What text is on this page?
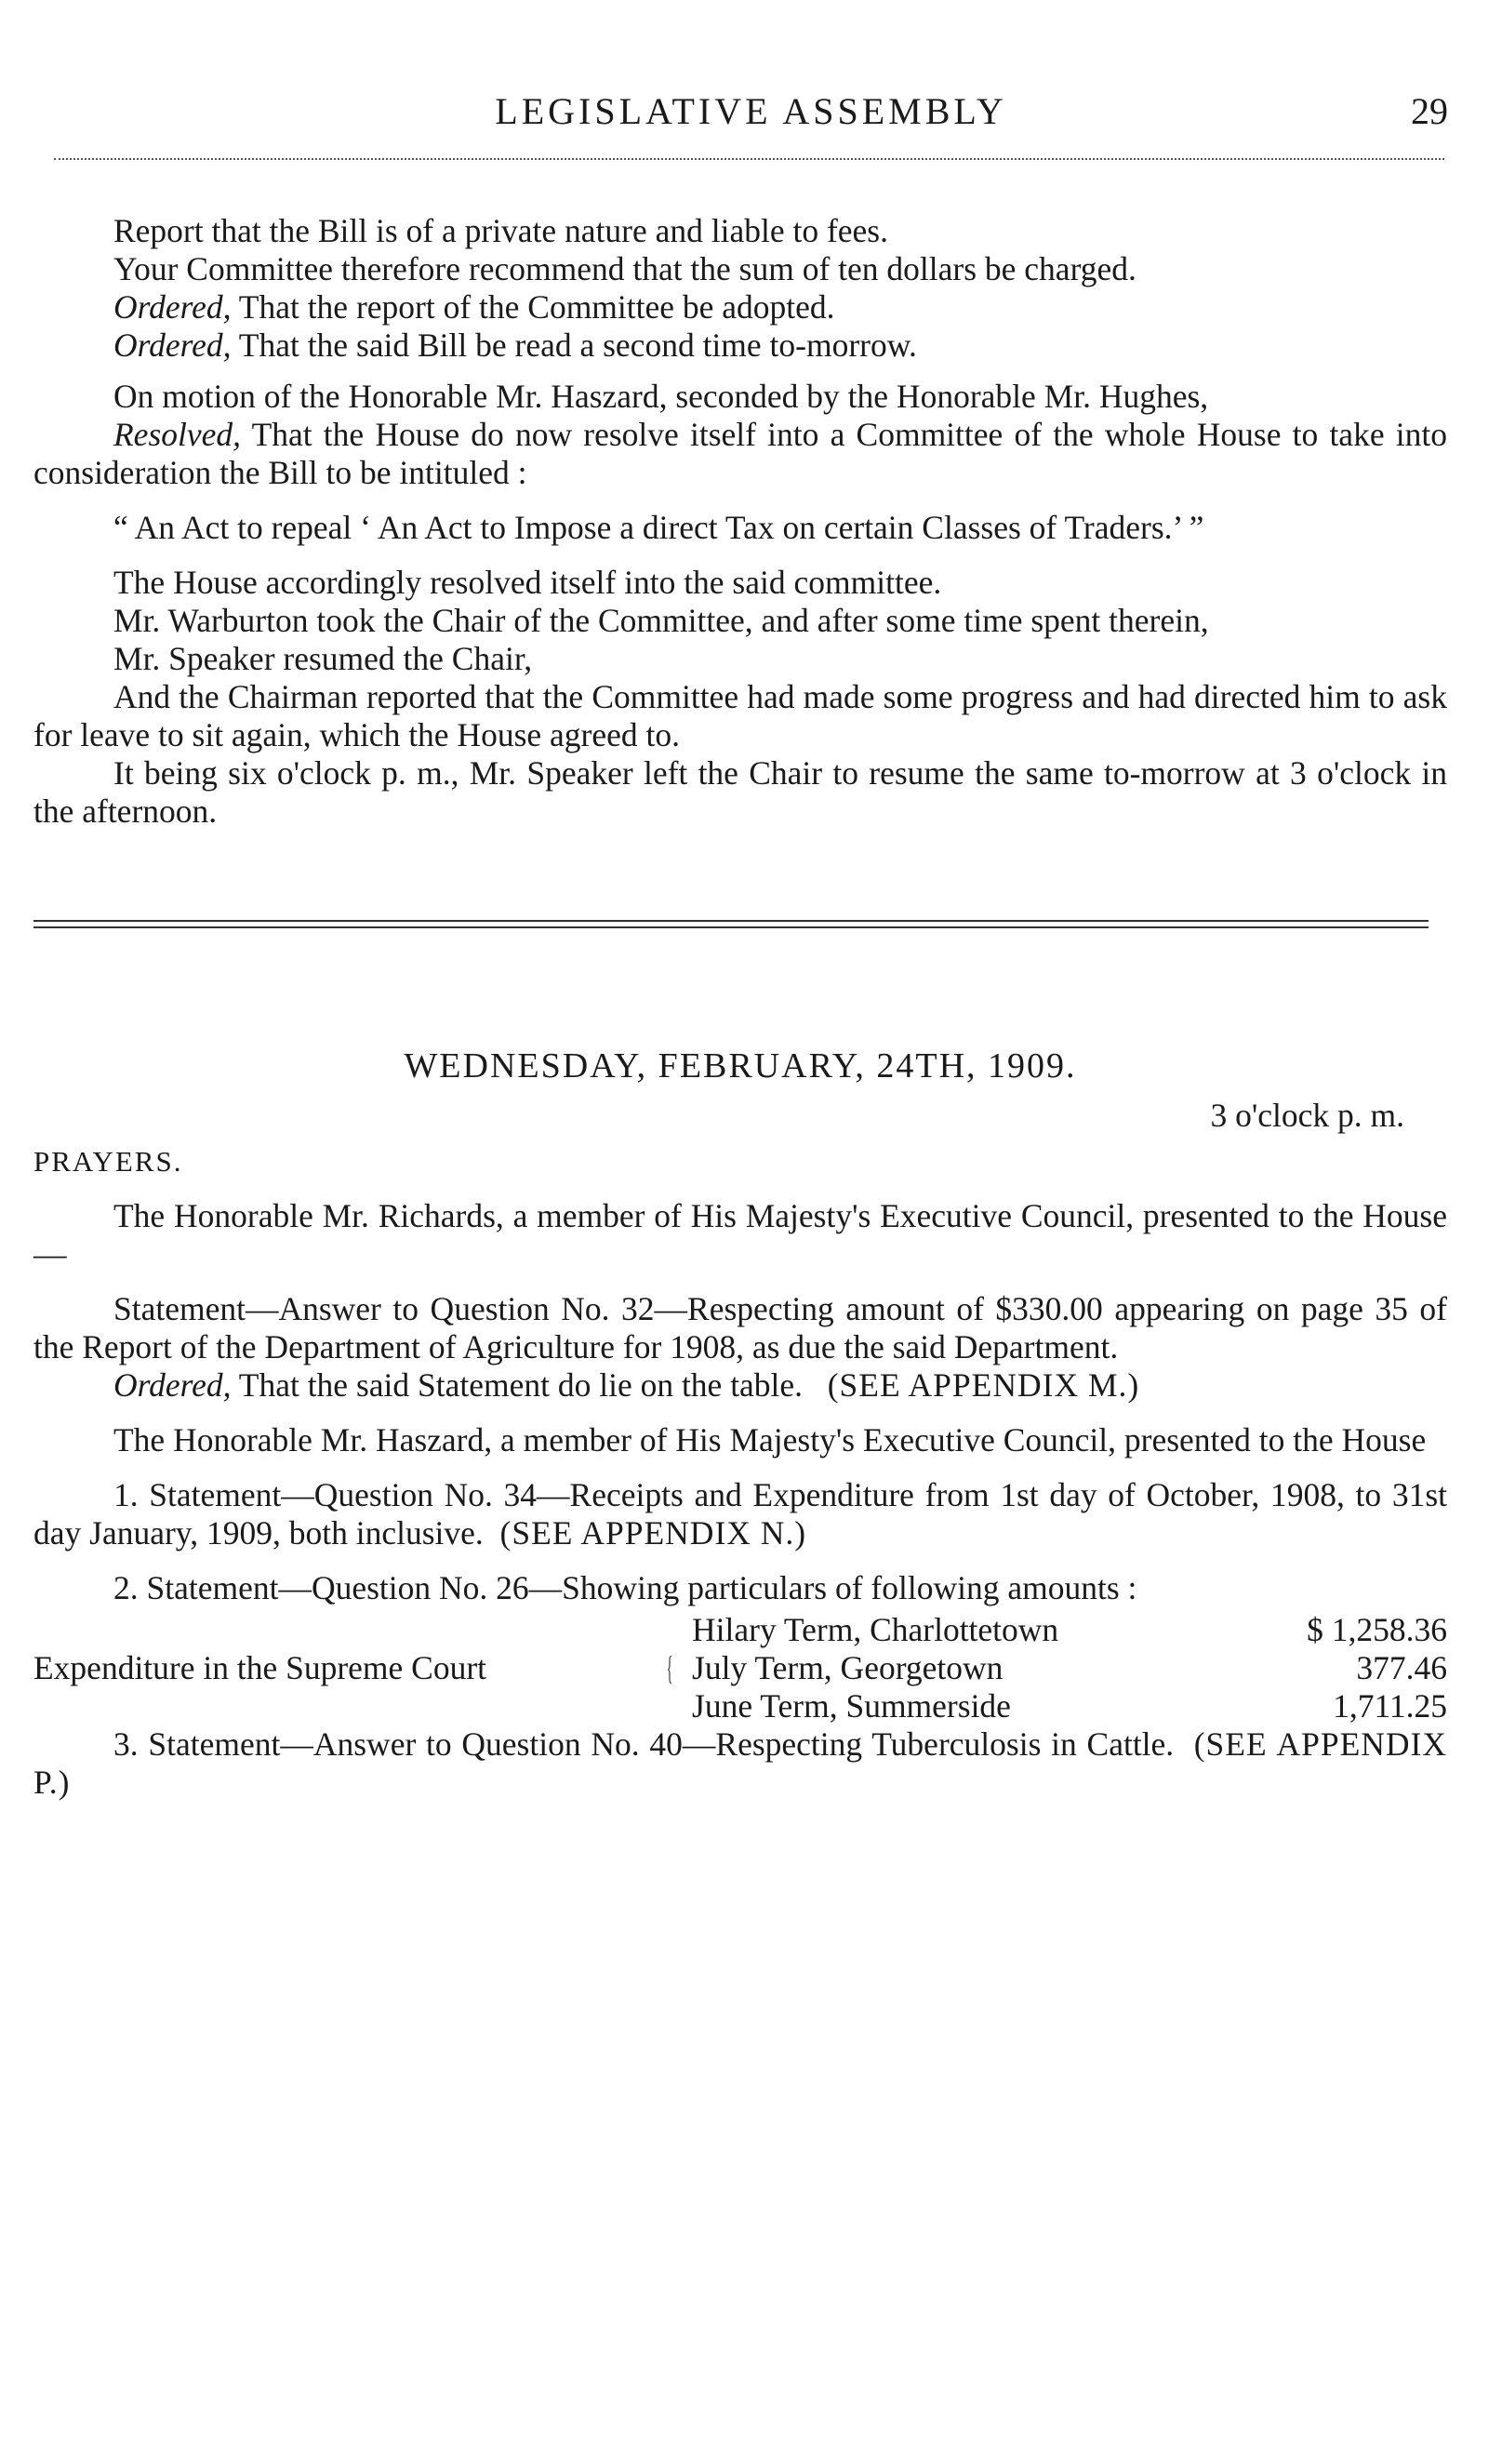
LEGISLATIVE ASSEMBLY	29

Report that the Bill is of a private nature and liable to fees.

Your Committee therefore recommend that the sum of ten dollars be charged.

Ordered, That the report of the Committee be adopted.

Ordered, That the said Bill be read a second time to-morrow.

On motion of the Honorable Mr. Haszard, seconded by the Honorable Mr. Hughes,

Resolved, That the House do now resolve itself into a Committee of the whole House to take into consideration the Bill to be intituled :

“ An Act to repeal ‘ An Act to Impose a direct Tax on certain Classes of Traders.’ ”

The House accordingly resolved itself into the said committee.

Mr. Warburton took the Chair of the Committee, and after some time spent therein,

Mr. Speaker resumed the Chair,

And the Chairman reported that the Committee had made some progress and had directed him to ask for leave to sit again, which the House agreed to.

It being six o'clock p. m., Mr. Speaker left the Chair to resume the same to-morrow at 3 o'clock in the afternoon.

WEDNESDAY, FEBRUARY, 24TH, 1909.
3 o'clock p. m.
PRAYERS.

The Honorable Mr. Richards, a member of His Majesty's Executive Council, presented to the House—

Statement—Answer to Question No. 32—Respecting amount of $330.00 appearing on page 35 of the Report of the Department of Agriculture for 1908, as due the said Department.

Ordered, That the said Statement do lie on the table. (SEE APPENDIX M.)

The Honorable Mr. Haszard, a member of His Majesty's Executive Council, presented to the House

1. Statement—Question No. 34—Receipts and Expenditure from 1st day of October, 1908, to 31st day January, 1909, both inclusive. (SEE APPENDIX N.)

2. Statement—Question No. 26—Showing particulars of following amounts :

Expenditure in the Supreme Court	{	Hilary Term, Charlottetown	$ 1,258.36
		July Term, Georgetown	377.46
		June Term, Summerside	1,711.25

3. Statement—Answer to Question No. 40—Respecting Tuberculosis in Cattle. (SEE APPENDIX P.)
